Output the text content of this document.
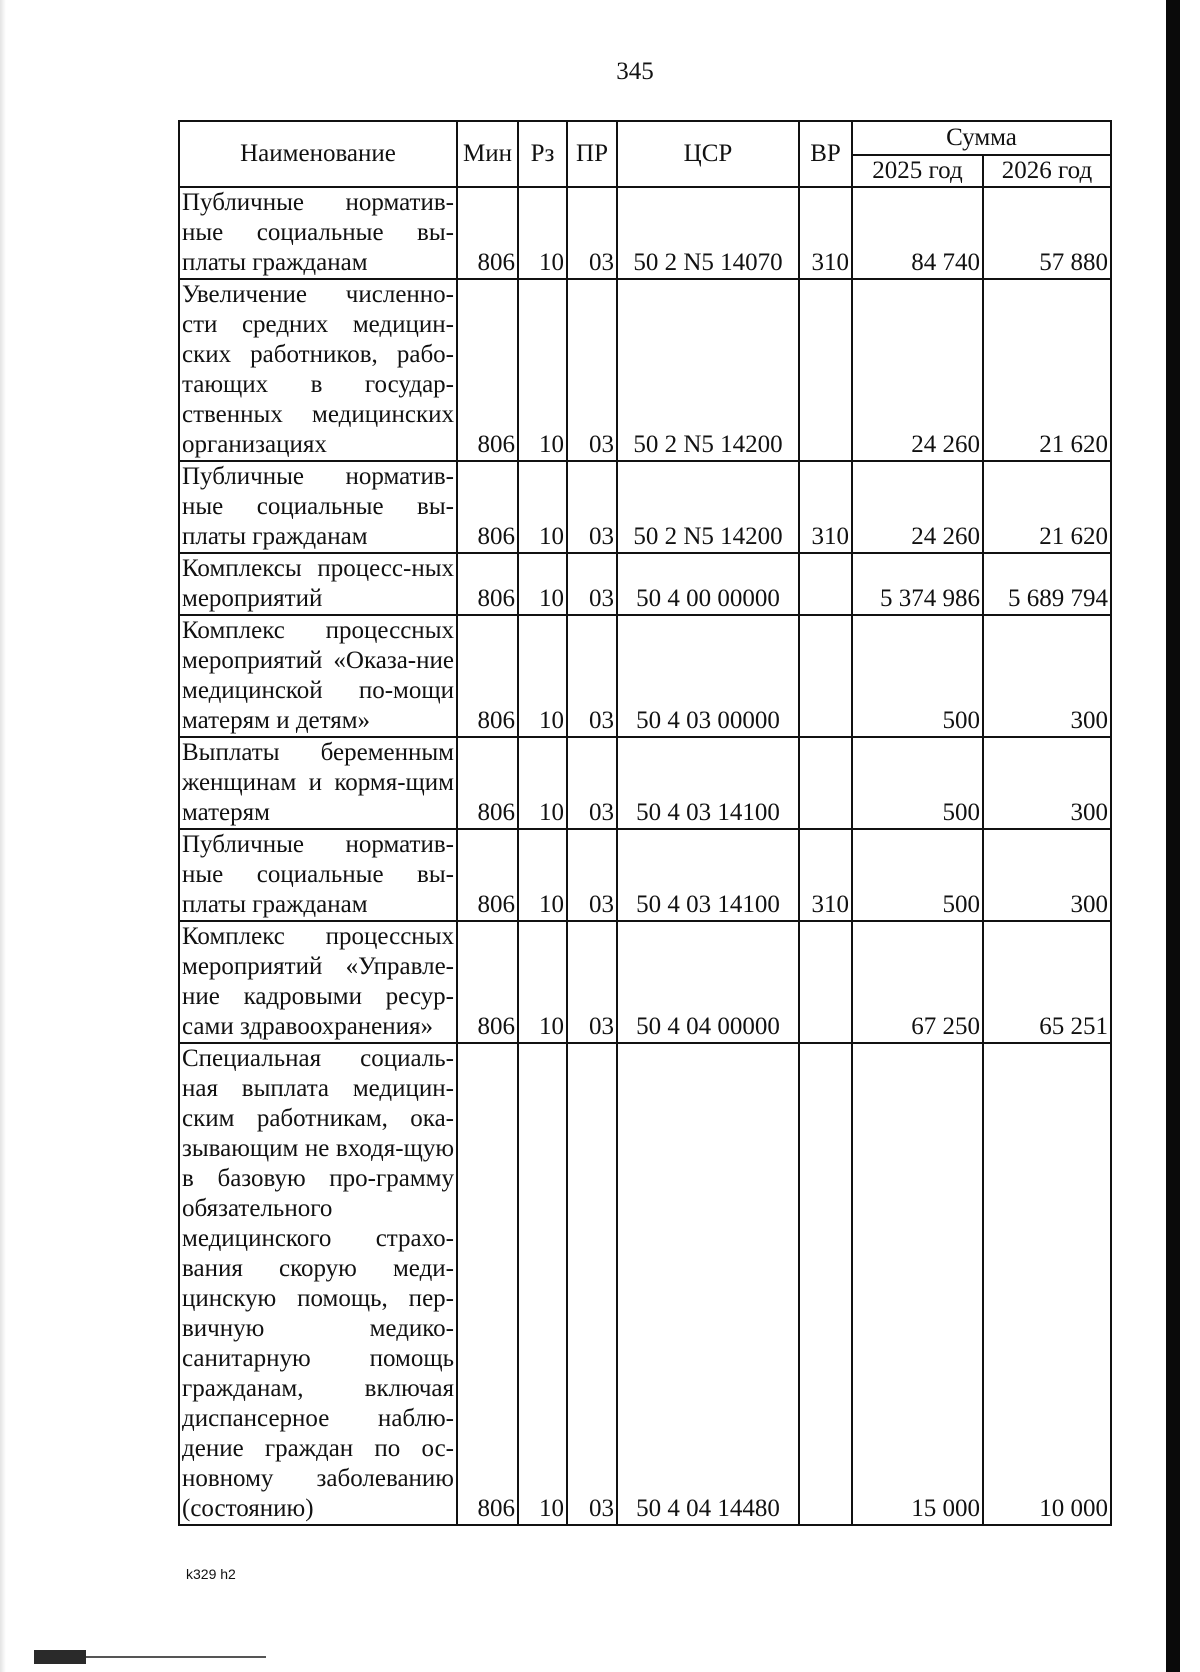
345
Наименование	Мин	Рз	ПР	ЦСР	ВР	Сумма	
						2025 год	2026 год
Публичные норматив-ные социальные вы-платы гражданам	806	10	03	50 2 N5 14070	310	84 740	57 880
Увеличение численно-сти средних медицин-ских работников, рабо-тающих в государ-ственных медицинских организациях	806	10	03	50 2 N5 14200		24 260	21 620
Публичные норматив-ные социальные вы-платы гражданам	806	10	03	50 2 N5 14200	310	24 260	21 620
Комплексы процесс-ных мероприятий	806	10	03	50 4 00 00000		5 374 986	5 689 794
Комплекс процессных мероприятий «Оказа-ние медицинской по-мощи матерям и детям»	806	10	03	50 4 03 00000		500	300
Выплаты беременным женщинам и кормя-щим матерям	806	10	03	50 4 03 14100		500	300
Публичные норматив-ные социальные вы-платы гражданам	806	10	03	50 4 03 14100	310	500	300
Комплекс процессных мероприятий «Управле-ние кадровыми ресур-сами здравоохранения»	806	10	03	50 4 04 00000		67 250	65 251
Специальная социаль-ная выплата медицин-ским работникам, ока-зывающим не входя-щую в базовую про-грамму обязательного медицинского страхо-вания скорую меди-цинскую помощь, пер-вичную медико-санитарную помощь гражданам, включая диспансерное наблю-дение граждан по ос-новному заболеванию (состоянию)	806	10	03	50 4 04 14480		15 000	10 000
k329 h2
